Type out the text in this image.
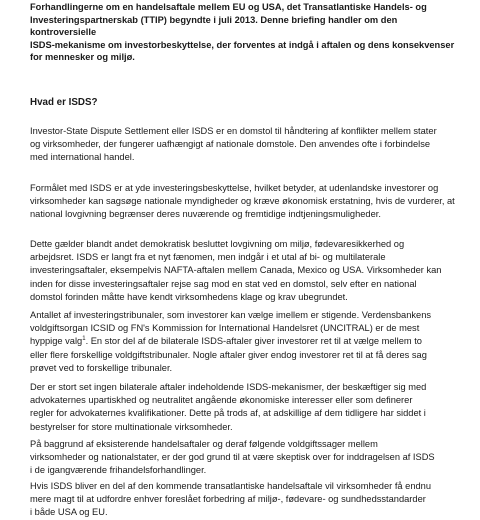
Forhandlingerne om en handelsaftale mellem EU og USA, det Transatlantiske Handels- og
Investeringspartnerskab (TTIP) begyndte i juli 2013. Denne briefing handler om den kontroversielle
ISDS-mekanisme om investorbeskyttelse, der forventes at indgå i aftalen og dens konsekvenser
for mennesker og miljø.

Hvad er ISDS?

Investor-State Dispute Settlement eller ISDS er en domstol til håndtering af konflikter mellem stater
og virksomheder, der fungerer uafhængigt af nationale domstole. Den anvendes ofte i forbindelse
med international handel.

Formålet med ISDS er at yde investeringsbeskyttelse, hvilket betyder, at udenlandske investorer og
virksomheder kan sagsøge nationale myndigheder og kræve økonomisk erstatning, hvis de vurderer, at
national lovgivning begrænser deres nuværende og fremtidige indtjeningsmuligheder.

Dette gælder blandt andet demokratisk besluttet lovgivning om miljø, fødevaresikkerhed og
arbejdsret. ISDS er langt fra et nyt fænomen, men indgår i et utal af bi- og multilaterale
investeringsaftaler, eksempelvis NAFTA-aftalen mellem Canada, Mexico og USA. Virksomheder kan
inden for disse investeringsaftaler rejse sag mod en stat ved en domstol, selv efter en national
domstol forinden måtte have kendt virksomhedens klage og krav ubegrundet.

Antallet af investeringstribunaler, som investorer kan vælge imellem er stigende. Verdensbankens
voldgiftsorgan ICSID og FN's Kommission for International Handelsret (UNCITRAL) er de mest
hyppige valg$^1$. En stor del af de bilaterale ISDS-aftaler giver investorer ret til at vælge mellem to
eller flere forskellige voldgiftstribunaler. Nogle aftaler giver endog investorer ret til at få deres sag
prøvet ved to forskellige tribunaler.

Der er stort set ingen bilaterale aftaler indeholdende ISDS-mekanismer, der beskæftiger sig med
advokaternes upartiskhed og neutralitet angående økonomiske interesser eller som definerer
regler for advokaternes kvalifikationer. Dette på trods af, at adskillige af dem tidligere har siddet i
bestyrelser for store multinationale virksomheder.

På baggrund af eksisterende handelsaftaler og deraf følgende voldgiftssager mellem
virksomheder og nationalstater, er der god grund til at være skeptisk over for inddragelsen af ISDS
i de igangværende frihandelsforhandlinger.

Hvis ISDS bliver en del af den kommende transatlantiske handelsaftale vil virksomheder få endnu
mere magt til at udfordre enhver foreslået forbedring af miljø-, fødevare- og sundhedsstandarder
i både USA og EU.
